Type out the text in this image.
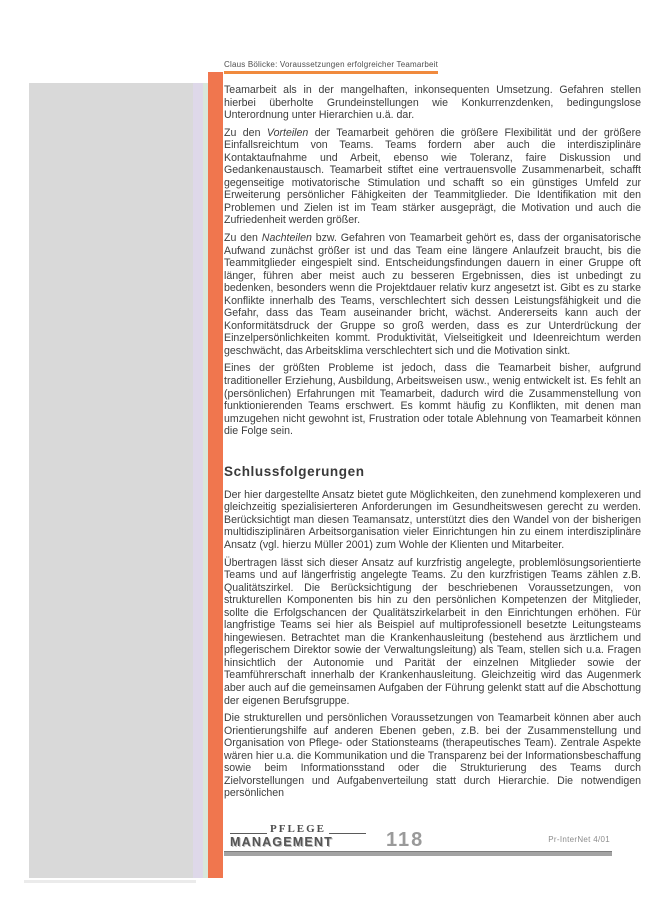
Claus Bölicke: Voraussetzungen erfolgreicher Teamarbeit

Teamarbeit als in der mangelhaften, inkonsequenten Umsetzung. Gefahren stellen hierbei überholte Grundeinstellungen wie Konkurrenzdenken, bedingungslose Unterordnung unter Hierarchien u.ä. dar.

Zu den Vorteilen der Teamarbeit gehören die größere Flexibilität und der größere Einfallsreichtum von Teams. Teams fordern aber auch die interdisziplinäre Kontaktaufnahme und Arbeit, ebenso wie Toleranz, faire Diskussion und Gedankenaustausch. Teamarbeit stiftet eine vertrauensvolle Zusammenarbeit, schafft gegenseitige motivatorische Stimulation und schafft so ein günstiges Umfeld zur Erweiterung persönlicher Fähigkeiten der Teammitglieder. Die Identifikation mit den Problemen und Zielen ist im Team stärker ausgeprägt, die Motivation und auch die Zufriedenheit werden größer.

Zu den Nachteilen bzw. Gefahren von Teamarbeit gehört es, dass der organisatorische Aufwand zunächst größer ist und das Team eine längere Anlaufzeit braucht, bis die Teammitglieder eingespielt sind. Entscheidungsfindungen dauern in einer Gruppe oft länger, führen aber meist auch zu besseren Ergebnissen, dies ist unbedingt zu bedenken, besonders wenn die Projektdauer relativ kurz angesetzt ist. Gibt es zu starke Konflikte innerhalb des Teams, verschlechtert sich dessen Leistungsfähigkeit und die Gefahr, dass das Team auseinander bricht, wächst. Andererseits kann auch der Konformitätsdruck der Gruppe so groß werden, dass es zur Unterdrückung der Einzelpersönlichkeiten kommt. Produktivität, Vielseitigkeit und Ideenreichtum werden geschwächt, das Arbeitsklima verschlechtert sich und die Motivation sinkt.

Eines der größten Probleme ist jedoch, dass die Teamarbeit bisher, aufgrund traditioneller Erziehung, Ausbildung, Arbeitsweisen usw., wenig entwickelt ist. Es fehlt an (persönlichen) Erfahrungen mit Teamarbeit, dadurch wird die Zusammenstellung von funktionierenden Teams erschwert. Es kommt häufig zu Konflikten, mit denen man umzugehen nicht gewohnt ist, Frustration oder totale Ablehnung von Teamarbeit können die Folge sein.

Schlussfolgerungen

Der hier dargestellte Ansatz bietet gute Möglichkeiten, den zunehmend komplexeren und gleichzeitig spezialisierteren Anforderungen im Gesundheitswesen gerecht zu werden. Berücksichtigt man diesen Teamansatz, unterstützt dies den Wandel von der bisherigen multidisziplinären Arbeitsorganisation vieler Einrichtungen hin zu einem interdisziplinäre Ansatz (vgl. hierzu Müller 2001) zum Wohle der Klienten und Mitarbeiter.

Übertragen lässt sich dieser Ansatz auf kurzfristig angelegte, problemlösungsorientierte Teams und auf längerfristig angelegte Teams. Zu den kurzfristigen Teams zählen z.B. Qualitätszirkel. Die Berücksichtigung der beschriebenen Voraussetzungen, von strukturellen Komponenten bis hin zu den persönlichen Kompetenzen der Mitglieder, sollte die Erfolgschancen der Qualitätszirkelarbeit in den Einrichtungen erhöhen. Für langfristige Teams sei hier als Beispiel auf multiprofessionell besetzte Leitungsteams hingewiesen. Betrachtet man die Krankenhausleitung (bestehend aus ärztlichem und pflegerischem Direktor sowie der Verwaltungsleitung) als Team, stellen sich u.a. Fragen hinsichtlich der Autonomie und Parität der einzelnen Mitglieder sowie der Teamführerschaft innerhalb der Krankenhausleitung. Gleichzeitig wird das Augenmerk aber auch auf die gemeinsamen Aufgaben der Führung gelenkt statt auf die Abschottung der eigenen Berufsgruppe.

Die strukturellen und persönlichen Voraussetzungen von Teamarbeit können aber auch Orientierungshilfe auf anderen Ebenen geben, z.B. bei der Zusammenstellung und Organisation von Pflege- oder Stationsteams (therapeutisches Team). Zentrale Aspekte wären hier u.a. die Kommunikation und die Transparenz bei der Informationsbeschaffung sowie beim Informationsstand oder die Strukturierung des Teams durch Zielvorstellungen und Aufgabenverteilung statt durch Hierarchie. Die notwendigen persönlichen

PFLEGE
MANAGEMENT	118	Pr-InterNet 4/01
